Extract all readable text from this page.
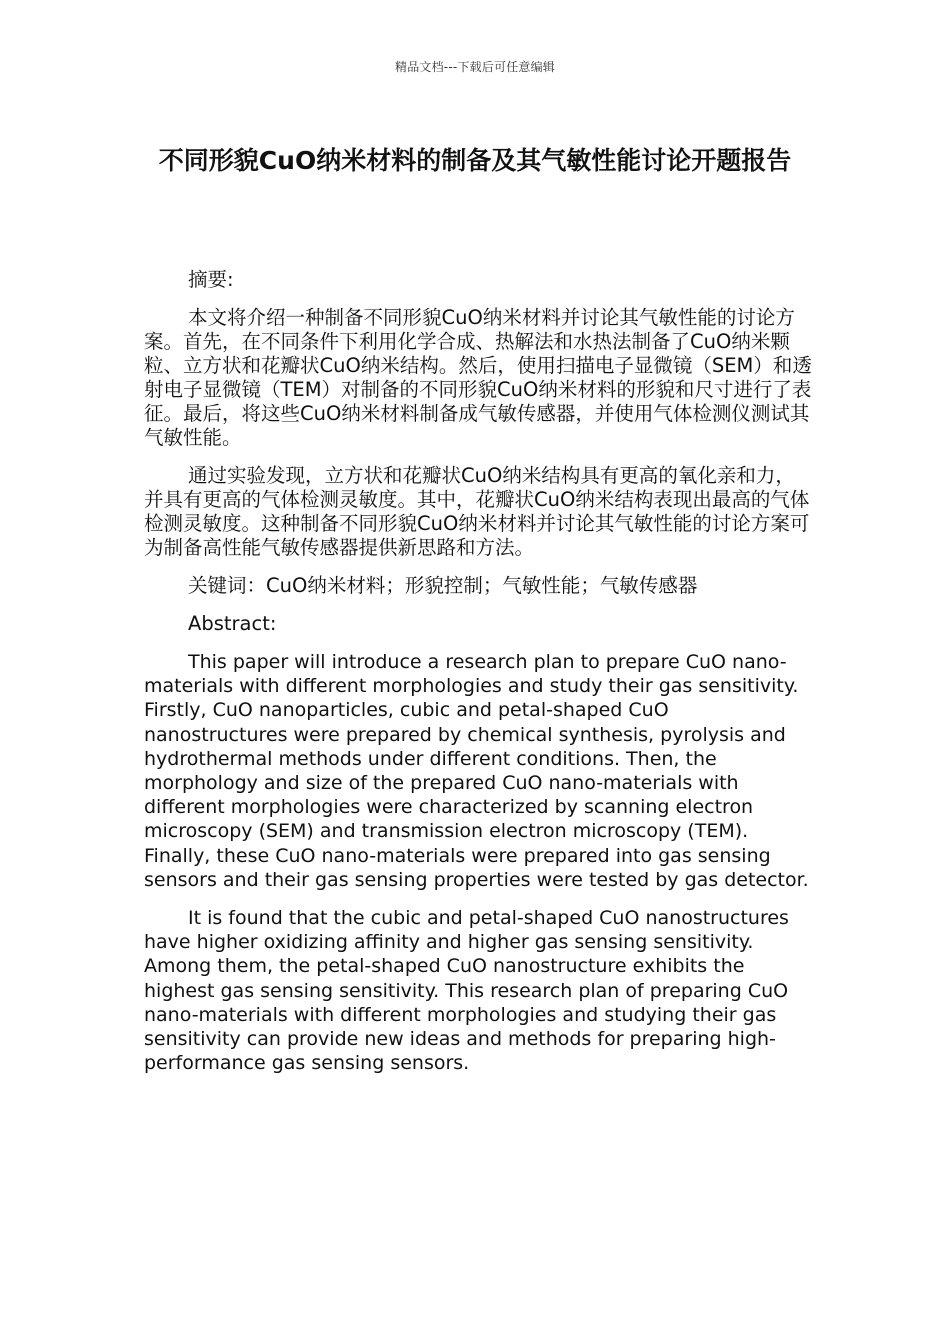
精品文档---下载后可任意编辑
不同形貌CuO纳米材料的制备及其气敏性能讨论开题报告

摘要:

本文将介绍一种制备不同形貌CuO纳米材料并讨论其气敏性能的讨论方案。首先，在不同条件下利用化学合成、热解法和水热法制备了CuO纳米颗粒、立方状和花瓣状CuO纳米结构。然后，使用扫描电子显微镜（SEM）和透射电子显微镜（TEM）对制备的不同形貌CuO纳米材料的形貌和尺寸进行了表征。最后，将这些CuO纳米材料制备成气敏传感器，并使用气体检测仪测试其气敏性能。

通过实验发现，立方状和花瓣状CuO纳米结构具有更高的氧化亲和力，并具有更高的气体检测灵敏度。其中，花瓣状CuO纳米结构表现出最高的气体检测灵敏度。这种制备不同形貌CuO纳米材料并讨论其气敏性能的讨论方案可为制备高性能气敏传感器提供新思路和方法。

关键词：CuO纳米材料；形貌控制；气敏性能；气敏传感器

Abstract:

This paper will introduce a research plan to prepare CuO nano-materials with different morphologies and study their gas sensitivity. Firstly, CuO nanoparticles, cubic and petal-shaped CuO nanostructures were prepared by chemical synthesis, pyrolysis and hydrothermal methods under different conditions. Then, the morphology and size of the prepared CuO nano-materials with different morphologies were characterized by scanning electron microscopy (SEM) and transmission electron microscopy (TEM). Finally, these CuO nano-materials were prepared into gas sensing sensors and their gas sensing properties were tested by gas detector.

It is found that the cubic and petal-shaped CuO nanostructures have higher oxidizing affinity and higher gas sensing sensitivity. Among them, the petal-shaped CuO nanostructure exhibits the highest gas sensing sensitivity. This research plan of preparing CuO nano-materials with different morphologies and studying their gas sensitivity can provide new ideas and methods for preparing high-performance gas sensing sensors.
